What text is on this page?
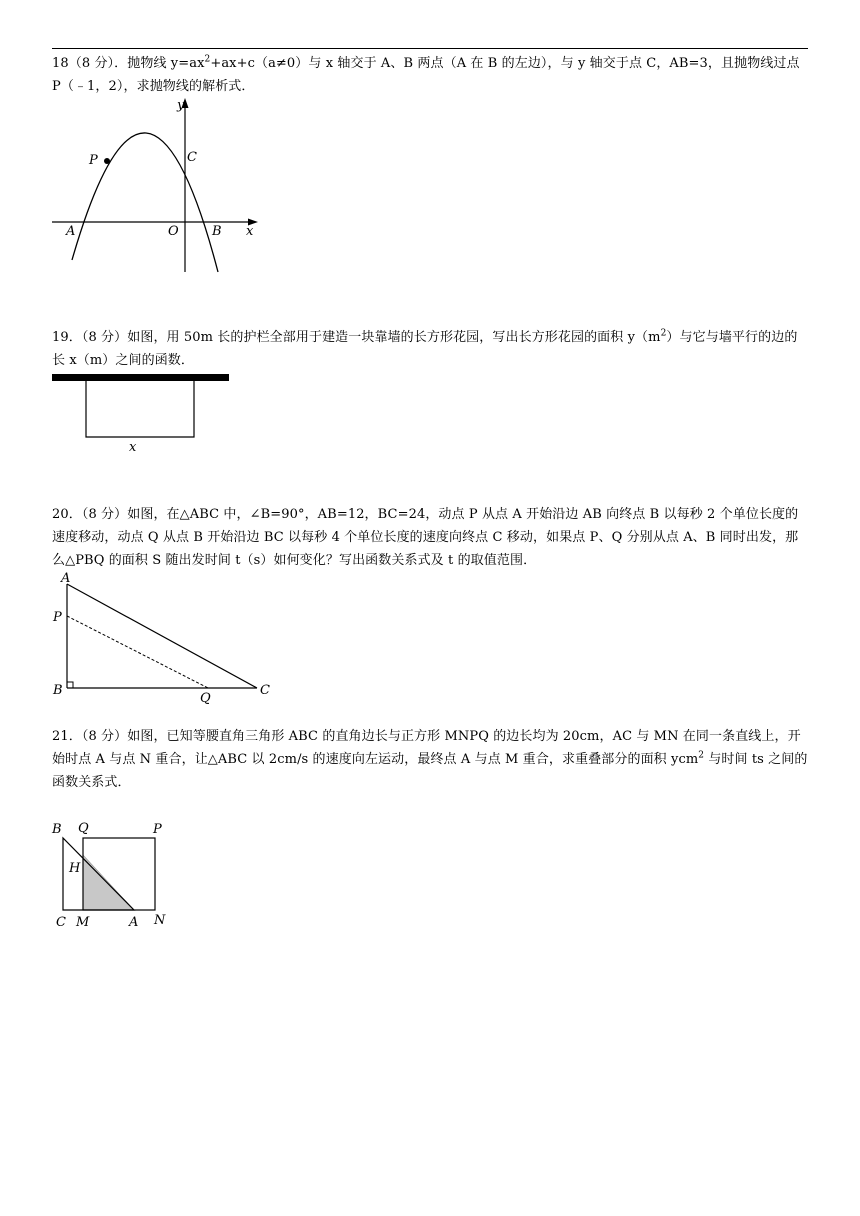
18（8 分）．抛物线 $y=ax^2+ax+c(a\ne 0)$与 x 轴交于 A、B 两点（A 在 B 的左边），与 y 轴交于点 C，AB=3，且抛物线过点 P（﹣1，2），求抛物线的解析式．
y
x
P	C
A	O	B
19．（8 分）如图，用 50m 长的护栏全部用于建造一块靠墙的长方形花园，写出长方形花园的面积 $y(m^2)$与它与墙平行的边的长 x（m）之间的函数．
x
20．（8 分）如图，在△ABC 中，∠B=90°，AB=12，BC=24，动点 P 从点 A 开始沿边 AB 向终点 B 以每秒 2 个单位长度的速度移动，动点 Q 从点 B 开始沿边 BC 以每秒 4 个单位长度的速度向终点 C 移动，如果点 P、Q 分别从点 A、B 同时出发，那么△PBQ 的面积 S 随出发时间 t（s）如何变化？写出函数关系式及 t 的取值范围．
A
P
B
Q
C
21．（8 分）如图，已知等腰直角三角形 ABC 的直角边长与正方形 MNPQ 的边长均为 20cm，AC 与 MN 在同一条直线上，开始时点 A 与点 N 重合，让△ABC 以 2cm/s 的速度向左运动，最终点 A 与点 M 重合，求重叠部分的面积 ycm$^2$ 与时间 ts 之间的函数关系式．
B Q	P
H
C M	A N
